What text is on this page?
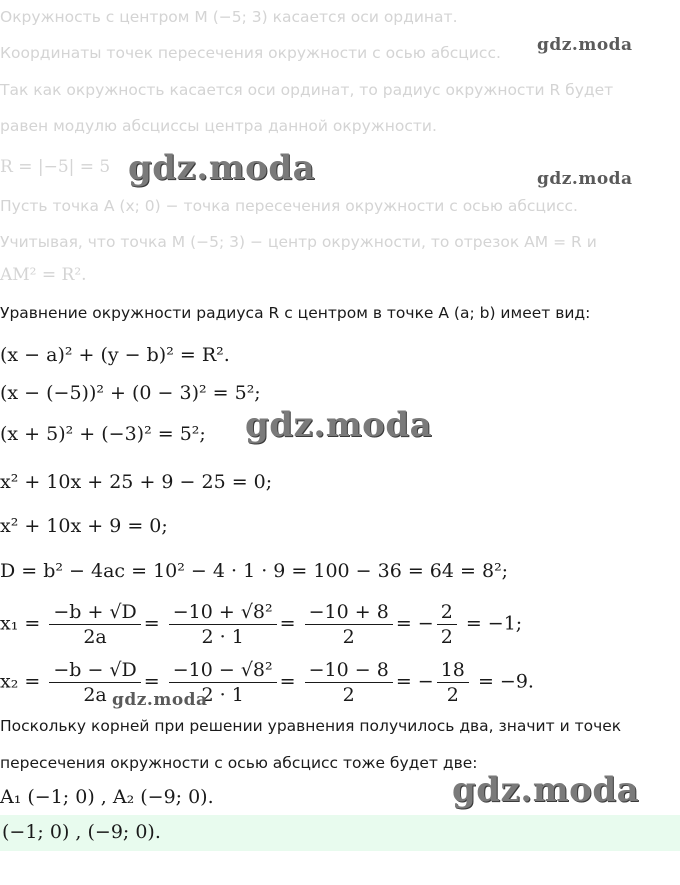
Окружность с центром M (−5; 3) касается оси ординат.
Координаты точек пересечения окружности с осью абсцисс.
Так как окружность касается оси ординат, то радиус окружности R будет
равен модулю абсциссы центра данной окружности.
R = |−5| = 5
Пусть точка A (x; 0) − точка пересечения окружности с осью абсцисс.
Учитывая, что точка M (−5; 3) − центр окружности, то отрезок AM = R и
AM² = R².
Уравнение окружности радиуса R с центром в точке A (a; b) имеет вид:
(x − a)² + (y − b)² = R².
(x − (−5))² + (0 − 3)² = 5²;
(x + 5)² + (−3)² = 5²;
x² + 10x + 25 + 9 − 25 = 0;
x² + 10x + 9 = 0;
D = b² − 4ac = 10² − 4 · 1 · 9 = 100 − 36 = 64 = 8²;
$x_1 = \frac{-b + √D}{2a} = \frac{\text{−10 + √8²}}{2 \cdot 1} = \frac{-10 + 8}{2}$ = − $\frac{2}{2} = -1$;
$x_2 = \frac{-b - √D}{2a} = \frac{\text{−10 − √8²}}{2 \cdot 1} = \frac{-10 - 8}{2}$ = − $\frac{18}{2} = -9$.
Поскольку корней при решении уравнения получилось два, значит и точек
пересечения окружности с осью абсцисс тоже будет две:
A₁ (−1; 0) , A₂ (−9; 0).
(−1; 0) , (−9; 0).
gdz.moda
gdz.moda	gdz.moda
gdz.moda
gdz.moda
gdz.moda
